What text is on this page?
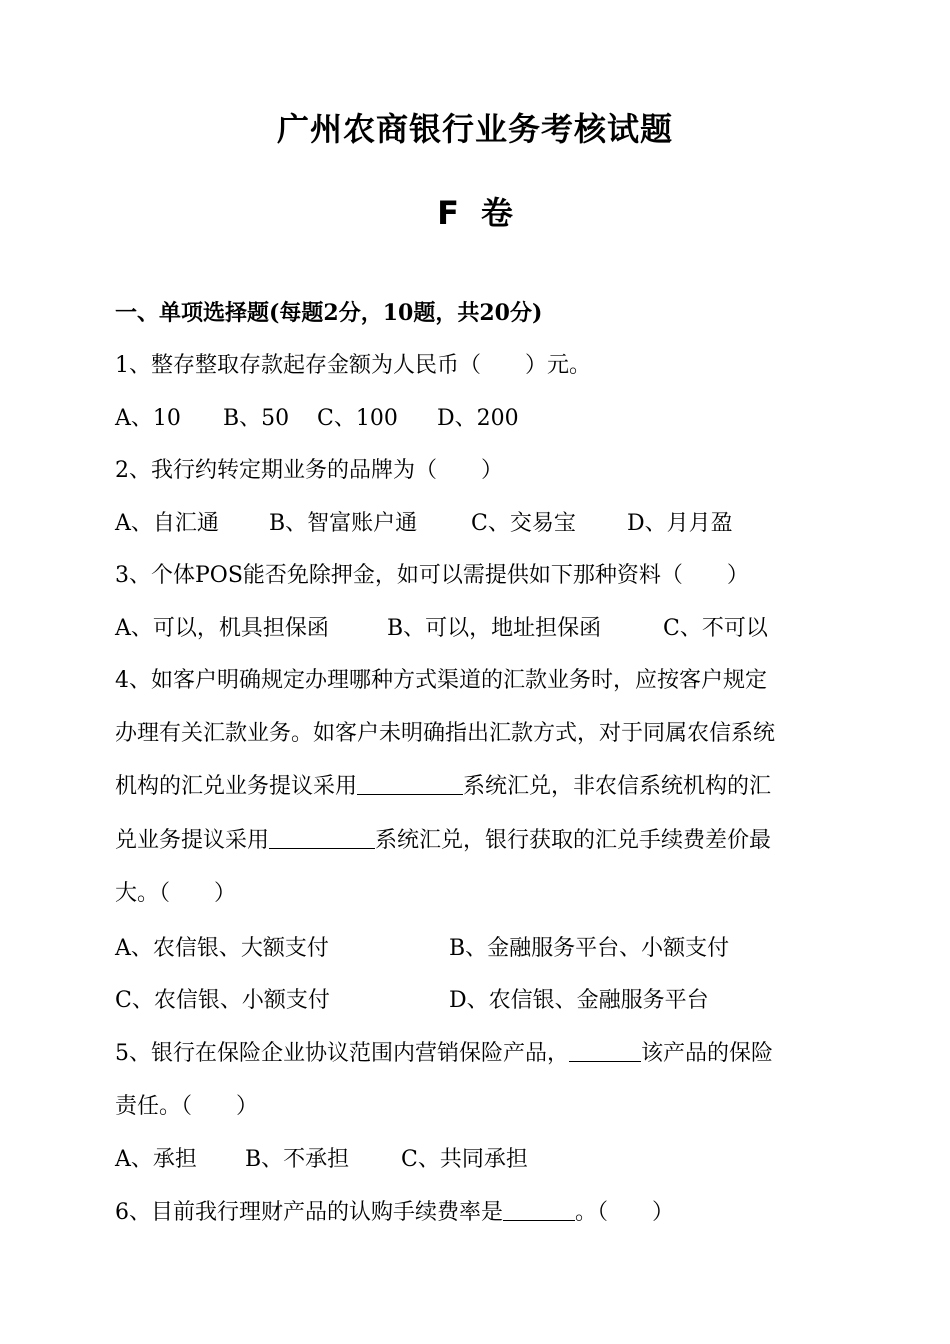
广州农商银行业务考核试题
F 卷
一、单项选择题(每题2分，10题，共20分)
1、整存整取存款起存金额为人民币（　　）元。
A、10 B、50 C、100 D、200
2、我行约转定期业务的品牌为（　　）
A、自汇通 B、智富账户通 C、交易宝 D、月月盈
3、个体POS能否免除押金，如可以需提供如下那种资料（　　）
A、可以，机具担保函	B、可以，地址担保函	C、不可以
4、如客户明确规定办理哪种方式渠道的汇款业务时，应按客户规定
办理有关汇款业务。如客户未明确指出汇款方式，对于同属农信系统
机构的汇兑业务提议采用	系统汇兑，非农信系统机构的汇
兑业务提议采用	系统汇兑，银行获取的汇兑手续费差价最
大。（　　）
A、农信银、大额支付	B、金融服务平台、小额支付
C、农信银、小额支付	D、农信银、金融服务平台
5、银行在保险企业协议范围内营销保险产品，	该产品的保险
责任。（　　）
A、承担 B、不承担 C、共同承担
6、目前我行理财产品的认购手续费率是	。（　　）
